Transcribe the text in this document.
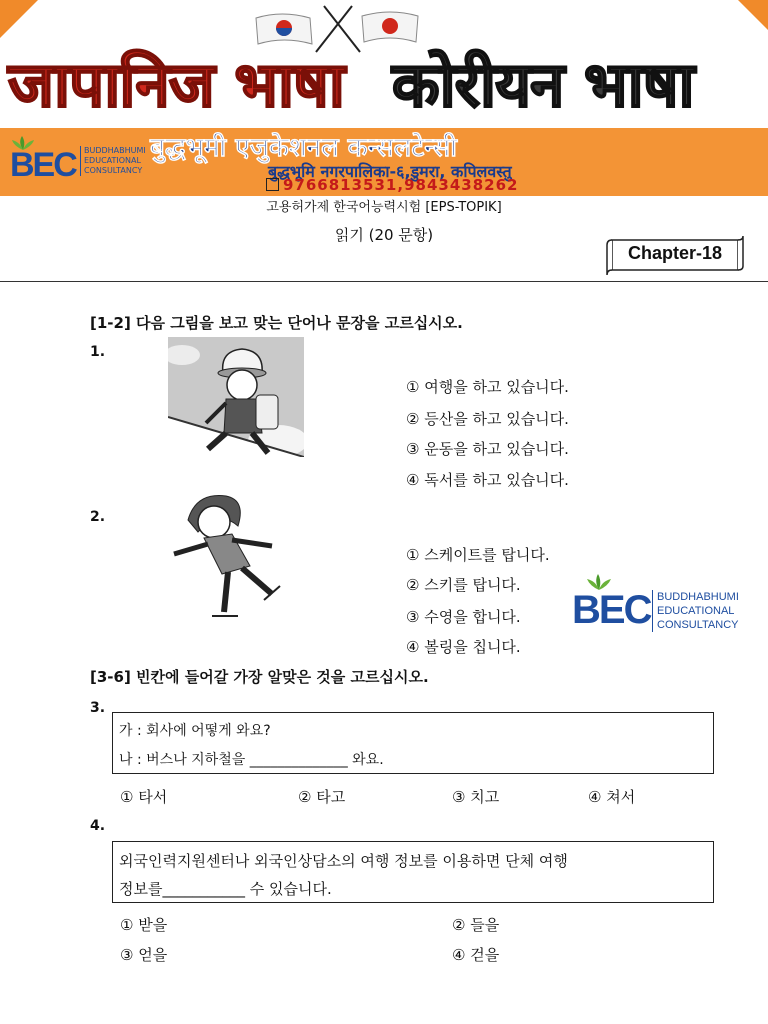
जापानिज भाषा कोरीयन भाषा
BEC BUDDHABHUMI
EDUCATIONAL
CONSULTANCY
बुद्धभूमी एजुकेशनल कन्सलटेन्सी
बुद्धभूमि नगरपालिका-६,डुमरा, कपिलवस्तु
9766813531,9843438262
고용허가제 한국어능력시험 [EPS-TOPIK]
읽기 (20 문항)
Chapter-18
[1-2] 다음 그림을 보고 맞는 단어나 문장을 고르십시오.
1.
① 여행을 하고 있습니다.
② 등산을 하고 있습니다.
③ 운동을 하고 있습니다.
④ 독서를 하고 있습니다.
2.
① 스케이트를 탑니다.
② 스키를 탑니다.
③ 수영을 합니다.
④ 볼링을 칩니다.
BEC BUDDHABHUMI
EDUCATIONAL
CONSULTANCY
[3-6] 빈칸에 들어갈 가장 알맞은 것을 고르십시오.
3.
가 : 회사에 어떻게 와요?
나 : 버스나 지하철을 ______________ 와요.
① 타서	② 타고	③ 치고	④ 쳐서
4.
외국인력지원센터나 외국인상담소의 여행 정보를 이용하면 단체 여행
정보를___________ 수 있습니다.
① 받을	② 들을
③ 얻을	④ 걷을
